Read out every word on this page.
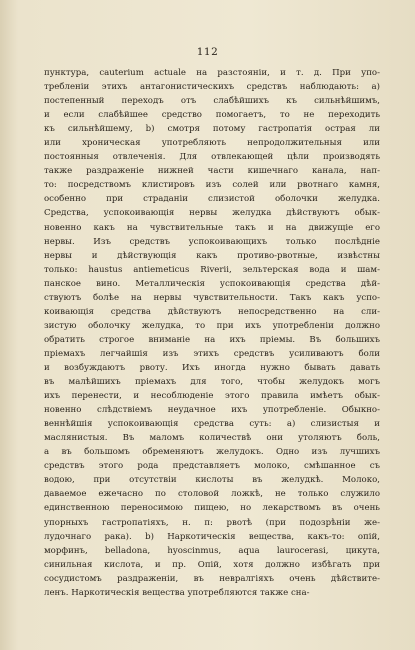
112
пунктура, cauterium actuale на разстояніи, и т. д. При упо-
требленіи этихъ антагонистическихъ средствъ наблюдають: а)
постепенный переходъ отъ слабѣйшихъ къ сильнѣйшимъ,
и если слабѣйшее средство помогаетъ, то не переходить
къ сильнѣйшему, b) смотря потому гастропатія острая ли
или хроническая употребляють непродолжительныя или
постоянныя отвлеченія. Для отвлекающей цѣли производять
также раздраженіе нижней части кишечнаго канала, нап-
то: посредствомъ клистировъ изъ солей или рвотнаго камня,
особенно при страданіи слизистой оболочки желудка.
Средства, успокоивающія нервы желудка дѣйствуютъ обык-
новенно какъ на чувствительные такъ и на движущіе его
нервы. Изъ средствъ успокоивающихъ только послѣдніе
нервы и дѣйствующія какъ противо-рвотные, извѣстны
только: haustus antiemeticus Riverii, зельтерская вода и шам-
панское вино. Металлическія успокоивающія средства дѣй-
ствуютъ болѣе на нервы чувствительности. Такъ какъ успо-
коивающія средства дѣйствуютъ непосредственно на сли-
зистую оболочку желудка, то при ихъ употребленіи должно
обратить строгое вниманіе на ихъ пріемы. Въ большихъ
пріемахъ легчайшія изъ этихъ средствъ усиливаютъ боли
и возбуждаютъ рвоту. Ихъ иногда нужно бывать давать
въ малѣйшихъ пріемахъ для того, чтобы желудокъ могъ
ихъ перенести, и несоблюденіе этого правила имѣетъ обык-
новенно слѣдствіемъ неудачное ихъ употребленіе. Обыкно-
веннѣйшія успокоивающія средства суть: а) слизистыя и
маслянистыя. Въ маломъ количествѣ они утоляютъ боль,
а въ большомъ обременяютъ желудокъ. Одно изъ лучшихъ
средствъ этого рода представляетъ молоко, смѣшанное съ
водою, при отсутствіи кислоты въ желудкѣ. Молоко,
даваемое ежечасно по столовой ложкѣ, не только служило
единственною переносимою пищею, но лекарствомъ въ очень
упорныхъ гастропатіяхъ, н. п: рвотѣ (при подозрѣніи же-
лудочнаго рака). b) Наркотическія вещества, какъ-то: опій,
морфинъ, belladona, hyoscinmus, aqua laurocerasi, цикута,
синильная кислота, и пр. Опій, хотя должно избѣгать при
сосудистомъ раздраженіи, въ невралгіяхъ очень дѣйствите-
ленъ. Наркотическія вещества употребляются также сна-
